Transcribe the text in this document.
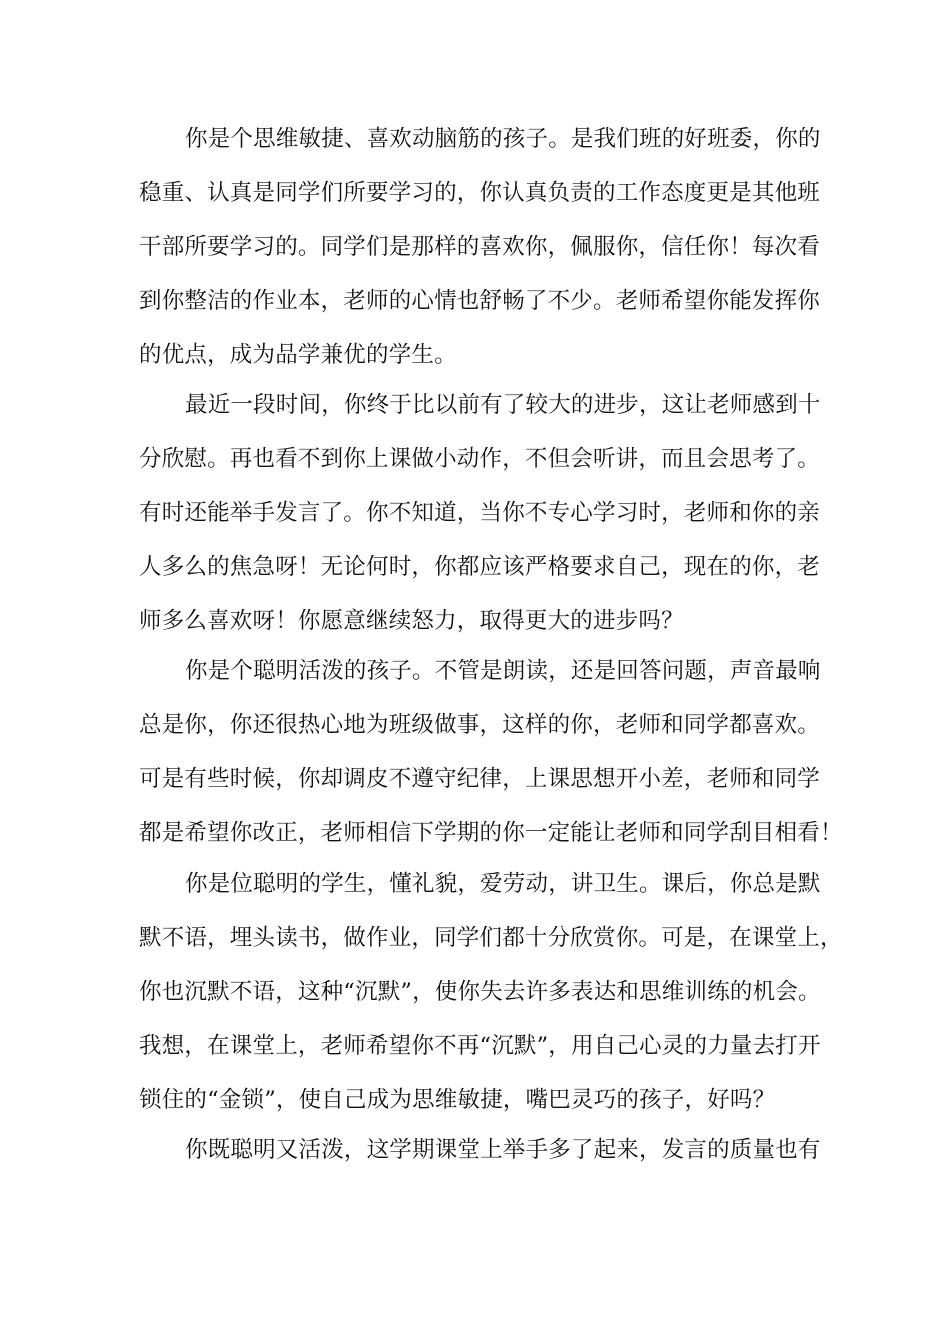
你是个思维敏捷、喜欢动脑筋的孩子。是我们班的好班委，你的
稳重、认真是同学们所要学习的，你认真负责的工作态度更是其他班
干部所要学习的。同学们是那样的喜欢你，佩服你，信任你！每次看
到你整洁的作业本，老师的心情也舒畅了不少。老师希望你能发挥你
的优点，成为品学兼优的学生。
最近一段时间，你终于比以前有了较大的进步，这让老师感到十
分欣慰。再也看不到你上课做小动作，不但会听讲，而且会思考了。
有时还能举手发言了。你不知道，当你不专心学习时，老师和你的亲
人多么的焦急呀！无论何时，你都应该严格要求自己，现在的你，老
师多么喜欢呀！你愿意继续怒力，取得更大的进步吗？
你是个聪明活泼的孩子。不管是朗读，还是回答问题，声音最响
总是你，你还很热心地为班级做事，这样的你，老师和同学都喜欢。
可是有些时候，你却调皮不遵守纪律，上课思想开小差，老师和同学
都是希望你改正，老师相信下学期的你一定能让老师和同学刮目相看！
你是位聪明的学生，懂礼貌，爱劳动，讲卫生。课后，你总是默
默不语，埋头读书，做作业，同学们都十分欣赏你。可是，在课堂上，
你也沉默不语，这种“沉默”，使你失去许多表达和思维训练的机会。
我想，在课堂上，老师希望你不再“沉默”，用自己心灵的力量去打开
锁住的“金锁”，使自己成为思维敏捷，嘴巴灵巧的孩子，好吗？
你既聪明又活泼，这学期课堂上举手多了起来，发言的质量也有
